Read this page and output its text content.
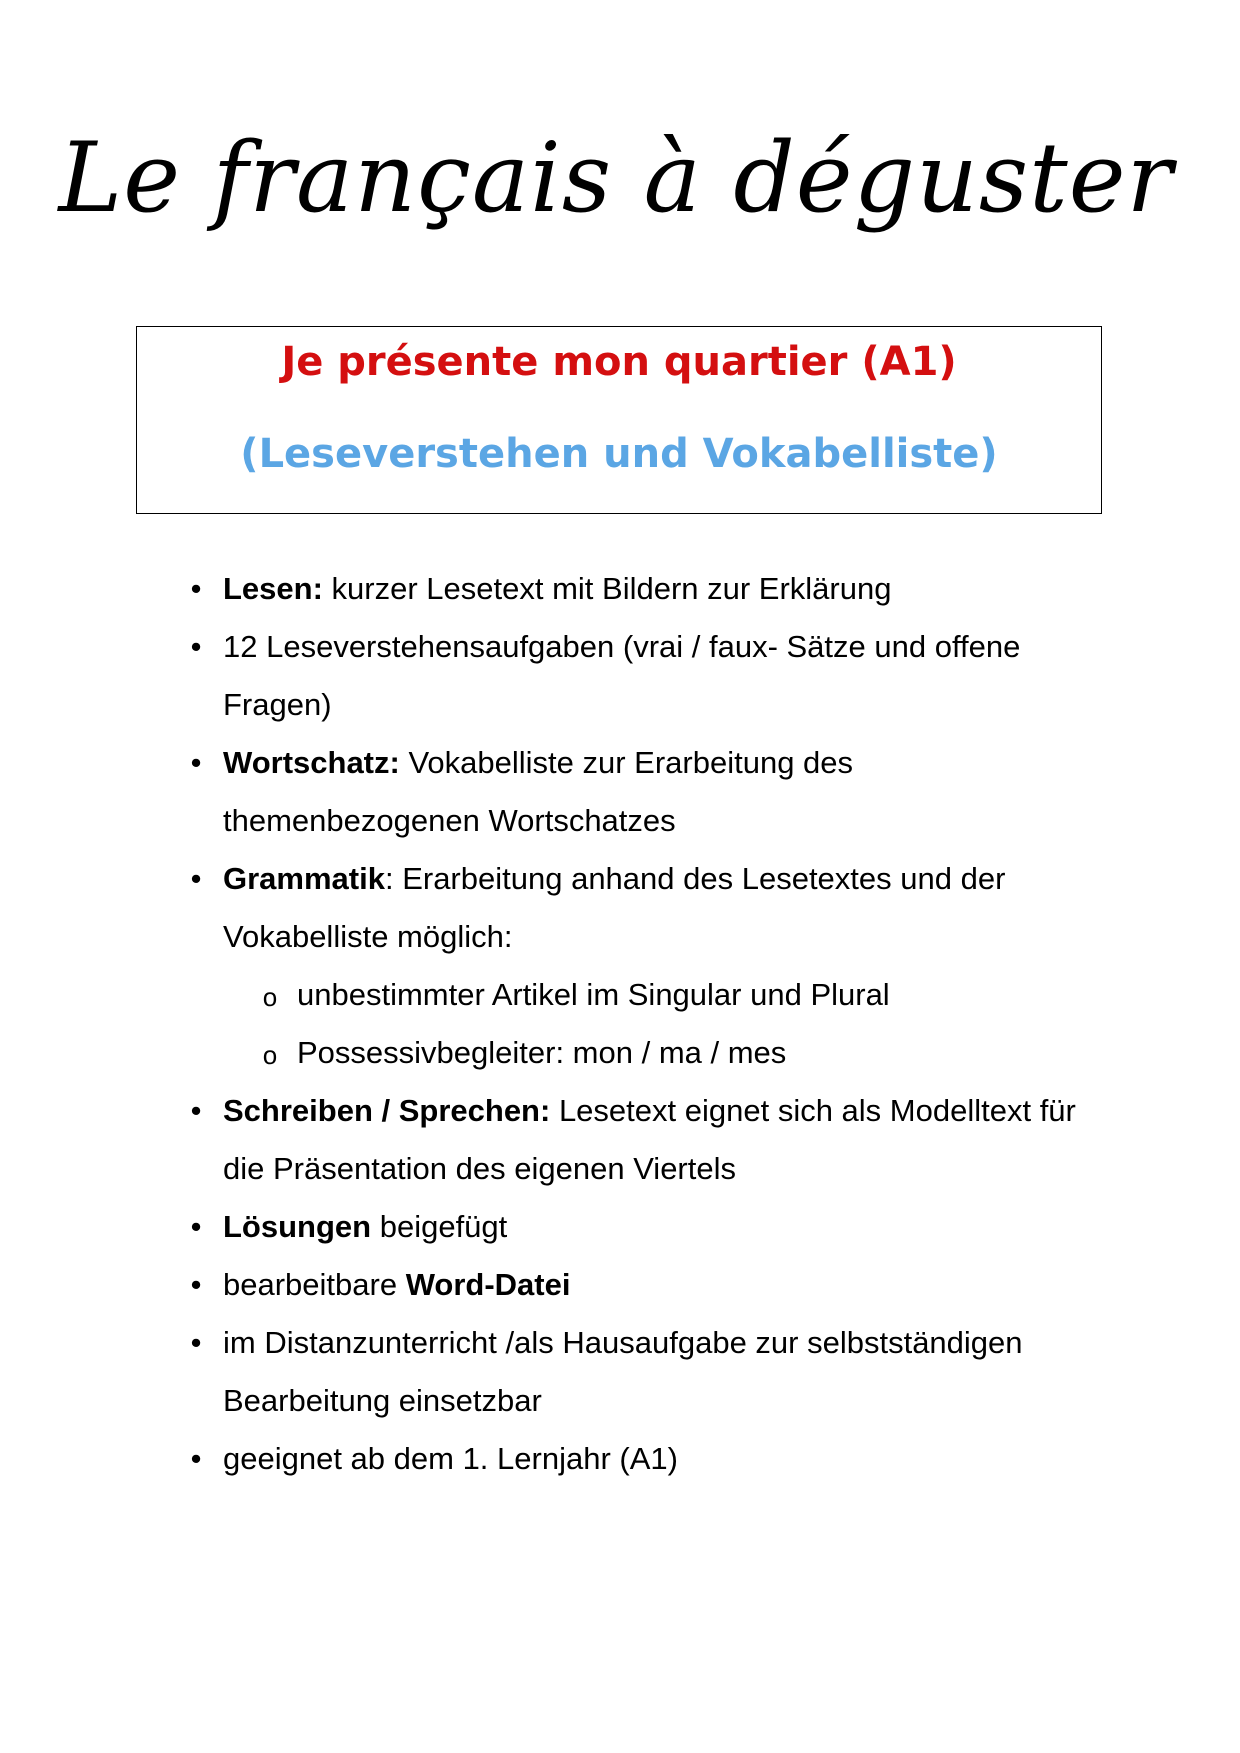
Le français à déguster
Je présente mon quartier (A1)
(Leseverstehen und Vokabelliste)
• Lesen: kurzer Lesetext mit Bildern zur Erklärung
• 12 Leseverstehensaufgaben (vrai / faux- Sätze und offene Fragen)
• Wortschatz: Vokabelliste zur Erarbeitung des themenbezogenen Wortschatzes
• Grammatik: Erarbeitung anhand des Lesetextes und der Vokabelliste möglich:
o unbestimmter Artikel im Singular und Plural
o Possessivbegleiter: mon / ma / mes
• Schreiben / Sprechen: Lesetext eignet sich als Modelltext für die Präsentation des eigenen Viertels
• Lösungen beigefügt
• bearbeitbare Word-Datei
• im Distanzunterricht /als Hausaufgabe zur selbstständigen Bearbeitung einsetzbar
• geeignet ab dem 1. Lernjahr (A1)
